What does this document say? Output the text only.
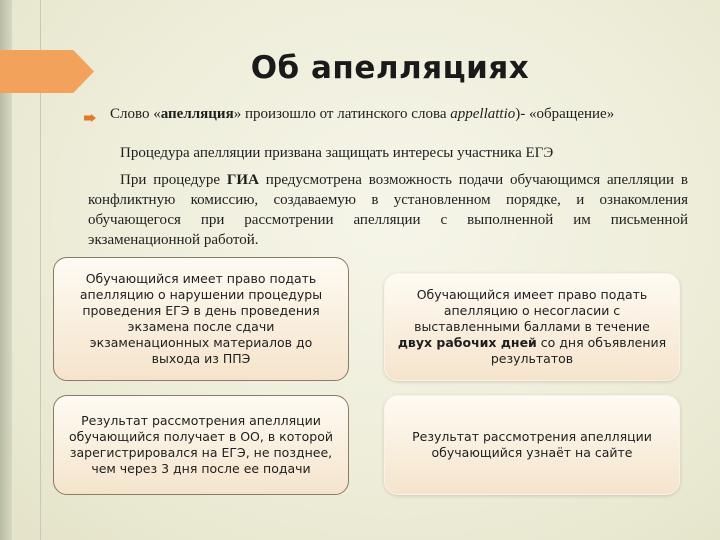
Об апелляциях
Слово «апелляция» произошло от латинского слова appellattio)- «обращение»
Процедура апелляции призвана защищать интересы участника ЕГЭ
При процедуре ГИА предусмотрена возможность подачи обучающимся апелляции в конфликтную комиссию, создаваемую в установленном порядке, и ознакомления обучающегося при рассмотрении апелляции с выполненной им письменной экзаменационной работой.
Обучающийся имеет право подать апелляцию о нарушении процедуры проведения ЕГЭ в день проведения экзамена после сдачи экзаменационных материалов до выхода из ППЭ
Обучающийся имеет право подать апелляцию о несогласии с выставленными баллами в течение двух рабочих дней со дня объявления результатов
Результат рассмотрения апелляции обучающийся получает в ОО, в которой зарегистрировался на ЕГЭ, не позднее, чем через 3 дня после ее подачи
Результат рассмотрения апелляции обучающийся узнаёт на сайте
